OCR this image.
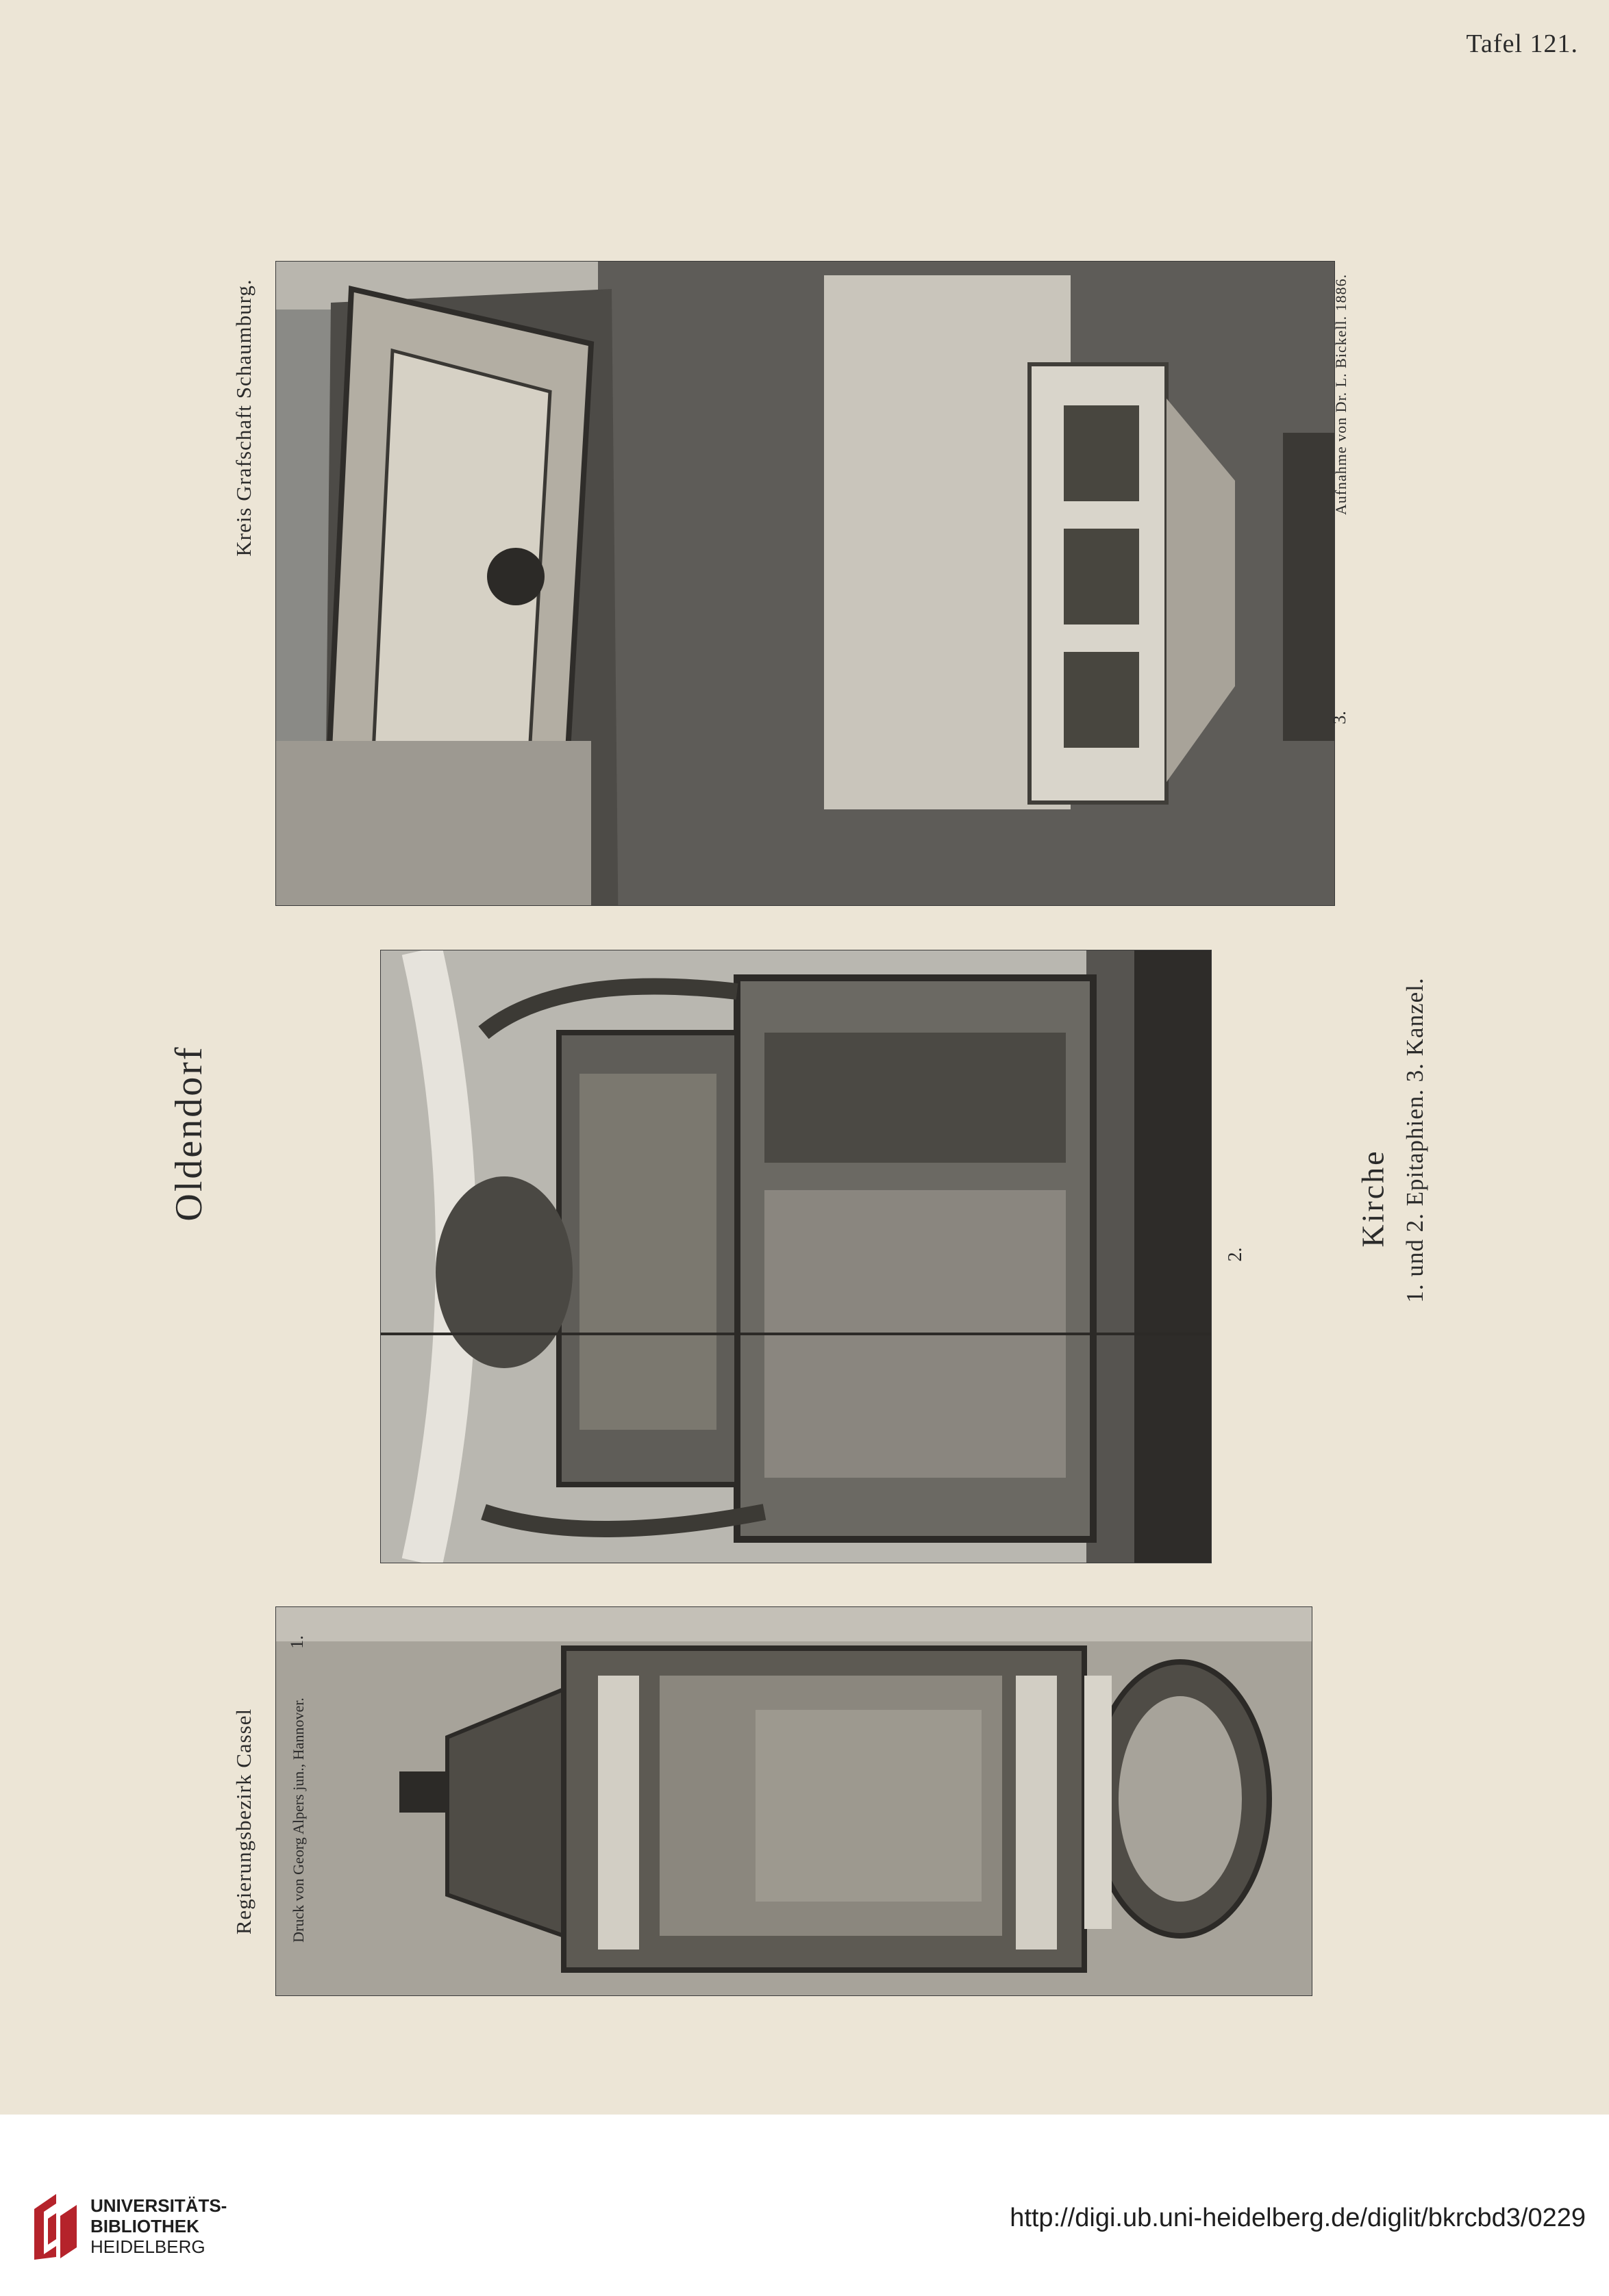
Tafel 121.
Regierungsbezirk Cassel
Kreis Grafschaft Schaumburg.
Oldendorf
Aufnahme von Dr. L. Bickell. 1886.
3.
2.
Kirche 1. und 2. Epitaphien. 3. Kanzel.
Druck von Georg Alpers jun., Hannover.
1.
UNIVERSITÄTS-
BIBLIOTHEK
HEIDELBERG
http://digi.ub.uni-heidelberg.de/diglit/bkrcbd3/0229
